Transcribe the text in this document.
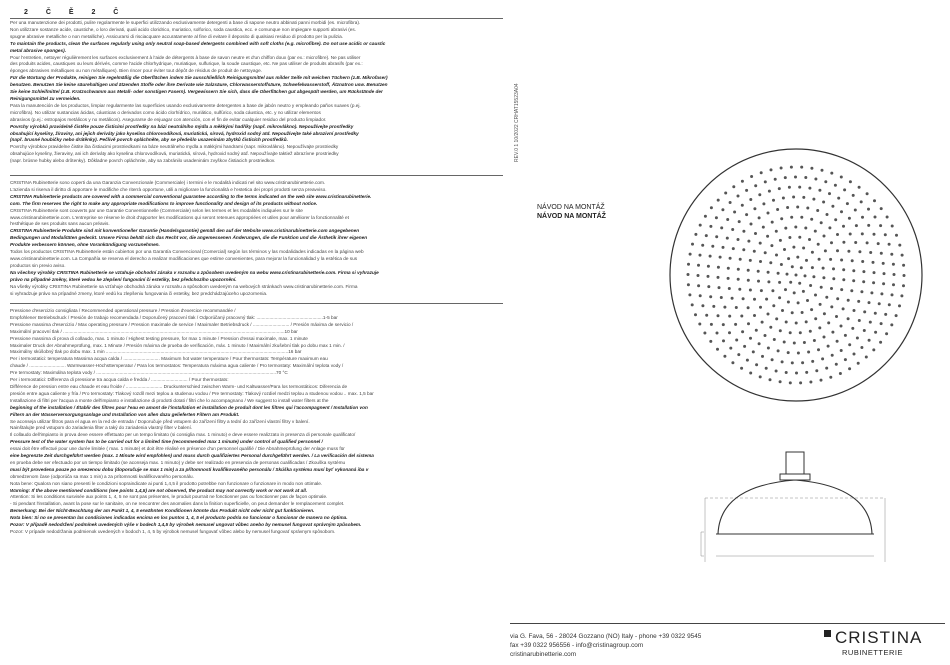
2 Č Ě 2 Č

Per una manutenzione dei prodotti, pulire regolarmente le superfici utilizzando esclusivamente detergenti a base di sapone neutro abbinati panni morbidi (es. microfibra).

Non utilizzare sostanze acide, caustiche, o loro derivati, quali acido cloridrico, muriatico, solforico, soda caustica, ecc. e comunque non impiegare supporti abrasivi (es.

spugne abrasive metalliche o non metalliche). Assicurarsi di risciacquare accuratamente al fine di evitare il deposito di qualsiasi residuo di prodotto per la pulizia.

To maintain the products, clean the surfaces regularly using only neutral soap-based detergents combined with soft cloths (e.g. microfibre). Do not use acidic or caustic

metal abrasive sponges).

Pour l'entretien, nettoyer régulièrement les surfaces exclusivement à l'aide de détergents à base de savon neutre et d'un chiffon doux (par ex.: microfibre). Ne pas utiliser

des produits acides, caustiques ou leurs dérivés, comme l'acide chlorhydrique, muriatique, sulfurique, la soude caustique, etc. Ne pas utiliser de produits abrasifs (par ex.:

éponges abrasives métalliques ou non métalliques). Bien rincer pour éviter tout dépôt de résidus de produit de nettoyage.

Für die Wartung der Produkte, reinigen Sie regelmäßig die Oberflächen indem Sie ausschließlich Reinigungsmittel aus milder Seife mit weichen Tüchern (z.B. Mikrofaser)

benutzen. Benutzen Sie keine säurehaltigen und ätzenden Stoffe oder ihre Derivate wie Salzsäure, Chlorwasserstoffsäure, Schwefelwasserstoff, Ätznatron usw. Benutzen

Sie keine Schleifmittel (z.B. Kratzschwamm aus Metall- oder sonstigen Fasern). Vergewissern Sie sich, dass die Oberflächen gut abgespült werden, um Rückstände der

Reinigungsmittel zu vermeiden.

Para la manutención de los productos, limpiar regularmente las superficies usando exclusivamente detergentes a base de jabón neutro y empleando paños suaves (p.ej.

microfibra). No utilizar sustancias ácidas, cáusticas o derivados como ácido clorhídrico, muriático, sulfúrico, soda cáustica, etc. y no utilizar elementos

abrasivos (p.ej.: estropajos metálicos y no metálicos). Asegurarse de enjuagar con atención, con el fin de evitar cualquier residuo del producto limpiador.

Povrchy výrobků pravidelně čistěte pouze čisticími prostředky na bázi neutrálního mýdla a měkkými hadříky (např. mikrovlákno). Nepoužívejte prostředky

obsahující kyseliny, žíraviny, ani jejich deriváty jako kyselina chlorovodíková, muriatická, sírová, hydroxid sodný atd. Nepoužívejte také abrazivní prostředky

(např. brusné houbičky nebo drátěnky). Pečlivě povrch opláchněte, aby se předešlo usazeninám zbytků čisticích prostředků.

Povrchy výrobkov pravidelne čistite iba čistiacimi prostriedkami na báze neutrálneho mydla a mäkkými handrami (napr. mikrovlákno). Nepoužívajte prostriedky

obsahujúce kyseliny, žieraviny, ani ich deriváty ako kyselina chlorovodíková, muriatická, sírová, hydroxid sodný atď. Nepoužívajte taktiež abrazívne prostriedky

(napr. brúsne hubky alebo drôtenky). Dôkladne povrch opláchnite, aby sa zabránilo usadeninám zvyškov čistiacich prostriedkov.

CRISTINA Rubinetterie sono coperti da una Garanzia Convenzionale (Commerciale) i termini e le modalità indicati nel sito www.cristinarubinetterie.com.

L'azienda si riserva il diritto di apportare le modifiche che riterrà opportune, utili a migliorare la funzionalità e l'estetica dei propri prodotti senza preavviso.

CRISTINA Rubinetterie products are covered with a commercial conventional guarantee according to the terms indicated on the web site www.cristinarubinetterie.

com. The firm reserves the right to make any appropriate modifications to improve functionality and design of its products without notice.

CRISTINA Rubinetterie sont couverts par une Garantie Conventionnelle (Commerciale) selon les termes et les modalités indiquées sur le site

www.cristinarubinetterie.com. L'entreprise se réserve le droit d'apporter les modifications qui seront retenues appropriées et utiles pour améliorer la fonctionnalité et

l'esthétique de ses produits sans aucun préavis.

CRISTINA Rubinetterie Produkte sind mit konventioneller Garantie (Handelsgarantie) gemäß den auf der Website www.cristinarubinetterie.com angegebenen

Bedingungen und Modalitäten gedeckt. Unsere Firma behält sich das Recht vor, die angemessenen Änderungen, die die Funktion und die Ästhetik ihrer eigenen

Produkte verbessern können, ohne Vorankündigung vorzunehmen.

Todos los productos CRISTINA Rubinetterie están cubiertos por una Garantía Convencional (Comercial) según los términos y las modalidades indicadas en la página web

www.cristinarubinetterie.com. La Compañía se reserva el derecho a realizar modificaciones que estime convenientes, para mejorar la funcionalidad y la estética de sus

productos sin previo aviso.

Na všechny výrobky CRISTINA Rubinetterie se vztahuje obchodní záruka v rozsahu a způsobem uvedeným na webu www.cristinarubinetterie.com. Firma si vyhrazuje

právo na případné změny, které vedou ke zlepšení fungování či estetiky, bez předchozího upozornění.

Na všetky výrobky CRISTINA Rubinetterie sa vzťahuje obchodná záruka v rozsahu a spôsobom uvedeným na webových stránkach www.cristinarubinetterie.com. Firma

si vyhradzuje právo na prípadné zmeny, ktoré vedú ku zlepšeniu fungovania či estetiky, bez predchádzajúceho upozornenia.

Pressione d'esercizio consigliata / Recommended operational pressure / Pression d'exercice recommandée /

Empfohlener Betriebsdruck / Presión de trabajo recomendada / Doporučený pracovní tlak / Odporúčaný pracovný tlak: ...................................................1-5 bar

Pressione massima d'esercizio / Max operating pressure / Pression maximale de service / Maximaler Betriebsdruck / ............................ / Presión máxima de servicio /

Maximální pracovní tlak / ..........................................................................................................................................................................10 bar

Pressione massima di prova di collaudo, max. 1 minuto / Highest testing pressure, for max 1 minute / Pression d'essai maximale, max. 1 minute

Maximaler Druck der Abnahmeprüfung, max. 1 Minute / Presión máxima de prueba de verificación, máx. 1 minuto / Maximální zkušební tlak po dobu max 1 min. /

Maximálny skúšobný tlak po dobu max. 1 min ............................................................................................................................................16 bar

Per i termostatici: temperatura Massima acqua calda / ............................ Maximum hot water temperature / Pour thermostats: Température maximum eau

chaude / ............................ Warmwasser-Höchsttemperatur / Para los termostatos: Temperatura máxima agua caliente / Pro termostaty: Maximální teplota vody /

Pre termostaty: Maximálna teplota vody / ..........................................................................................................................................70 °C

Per i termostatici: Differenza di pressione tra acqua calda e fredda / ............................ / Pour thermostats:

Différence de pression entre eau chaude et eau froide / ............................ Druckunterschied zwischen Warm- und Kaltwasser/Para los termostáticos: Diferencia de

presión entre agua caliente y fría / Pro termostaty: Tlakový rozdíl mezi teplou a studenou vodou / Pre termostaty: Tlakový rozdiel medzi teplou a studenou vodou .. max. 1,5 bar

Installazione di filtri per l'acqua a monte dell'impianto e installazione di prodotti dotati / filtri che lo accompagnano / We suggest to install water filters at the

beginning of the installation / Établir des filtres pour l'eau en amont de l'installation et installation de produit dont les filtres qui l'accompagnent / Installation von

Filtern an der Wasserversorgungsanlage und Installation von allen dazu gelieferten Filtern am Produkt.

Se aconseja utilizar filtros para el agua en la red de entrada / Doporučuje před vstupem do zařízení filtry a tední do zařízení vlastní filtry v balení.

Nainštalujte pred vstupom do zariadenia filter a taký do zariadenia vlastný filter v balení.

Il collaudo dell'impianto in prova deve essere effettuato per un tempo limitato (si consiglia max. 1 minuto) e deve essere realizzato in presenza di personale qualificato/

Pressure test of the water system has to be carried out for a limited time (recommended max 1 minute) under control of qualified personnel /

essai doit être effectué pour une durée limitée ( max. 1 minute) et doit être réalisé en présence d'un personnel qualifié / Die Abnahmeprüfung der Anlage muss für

eine begrenzte Zeit durchgeführt werden (max. 1 Minute wird empfohlen) und muss durch qualifiziertes Personal durchgeführt werden. / La verificación del sistema

en prueba debe ser efectuado por un tiempo limitado (se aconseja max. 1 minuto) y debe ser realizado en presencia de personas cualificadas / Zkouška systému

musí být provedena pouze po omezenou dobu (doporučuje se max 1 min) a za přítomnosti kvalifikovaného personálu / Skúška systému musí byť vykonaná iba v

obmedzenom čase (odporúča sa max 1 min) a za prítomnosti kvalifikovaného personálu.

Nota bene: Qualora non siano presenti le condizioni sopraindicate ai punti 1,4,5 il prodotto potrebbe non funzionare o funzionare in modo non ottimale.

Warning: If the above mentioned conditions (see points 1,4,5) are not observed, the product may not correctly work or not work at all.

Attention: Si les conditions susvisée aux points 1, 4, 5 ne sont pas présentes, le produit pourrait ne fonctionner pas ou fonctionner pas de façon optimale.

- Si pendant l'installation, avant la pose sur le sanitaire, on ne rencontrer des anomalies dans la finition superficielle, on peut demander le remplacement complet.

Bemerkung: Bei der Nicht-Beachtung der am Punkt 1, 4, 5 erwähnten Konditionen könnte das Produkt nicht oder nicht gut funktionieren.

Nota bien: Si no se presentan las condiciones indicadas encima en los puntos 1, 4, 5 el producto podría no funcionar o funcionar de manera no óptima.

Pozor: V případě nedodržení podmínek uvedených výše v bodech 1,4,5 by výrobek nemusel ungovat vůbec anebo by nemusel fungovat správným způsobem.

Pozor: V prípade nedodržania podmienok uvedených v bodoch 1, 4, 5 by výrobok nemusel fungovať vôbec alebo by nemusel fungovať správnym spôsobom.

REV.0 1 10/2022 CRHAT15523A04
NÁVOD NA MONTÁŽ
NÁVOD NA MONTÁŽ
via G. Fava, 56 - 28024 Gozzano (NO) Italy - phone +39 0322 9545
fax +39 0322 956556 - info@cristinagroup.com
cristinarubinetterie.com
CRISTINA
RUBINETTERIE
